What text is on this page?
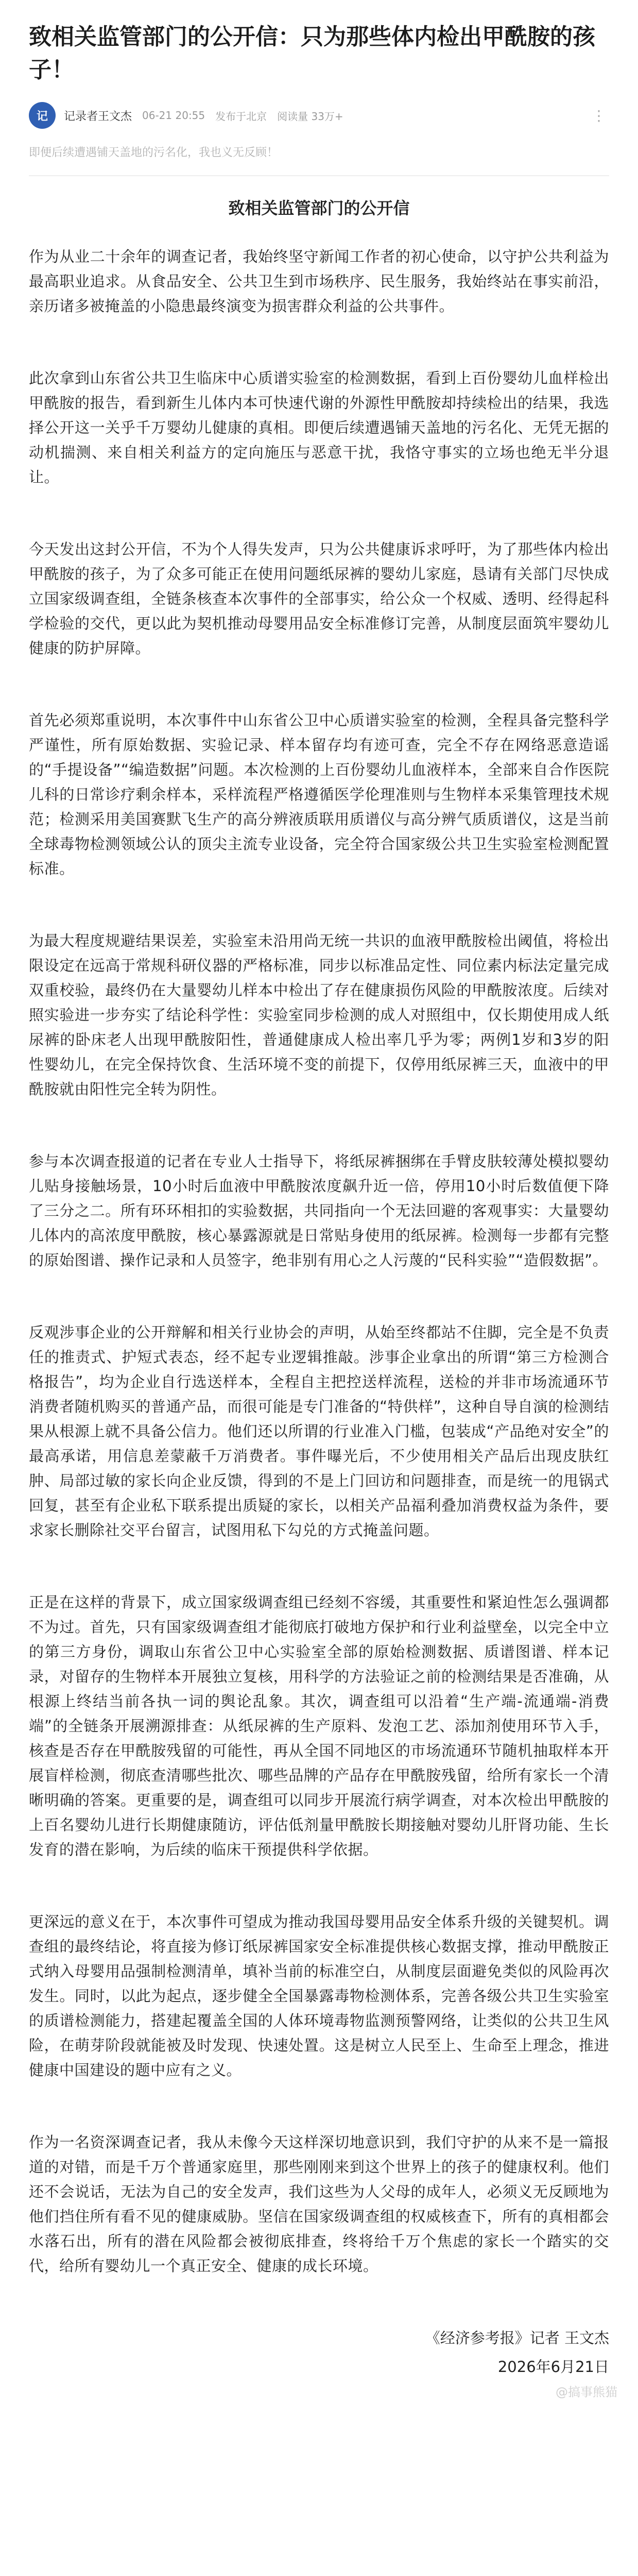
致相关监管部门的公开信：只为那些体内检出甲酰胺的孩子！
记	记录者王文杰 06-21 20:55 发布于北京 阅读量 33万+	⋮

即便后续遭遇铺天盖地的污名化，我也义无反顾！

致相关监管部门的公开信

作为从业二十余年的调查记者，我始终坚守新闻工作者的初心使命，以守护公共利益为最高职业追求。从食品安全、公共卫生到市场秩序、民生服务，我始终站在事实前沿，亲历诸多被掩盖的小隐患最终演变为损害群众利益的公共事件。

此次拿到山东省公共卫生临床中心质谱实验室的检测数据，看到上百份婴幼儿血样检出甲酰胺的报告，看到新生儿体内本可快速代谢的外源性甲酰胺却持续检出的结果，我选择公开这一关乎千万婴幼儿健康的真相。即便后续遭遇铺天盖地的污名化、无凭无据的动机揣测、来自相关利益方的定向施压与恶意干扰，我恪守事实的立场也绝无半分退让。

今天发出这封公开信，不为个人得失发声，只为公共健康诉求呼吁，为了那些体内检出甲酰胺的孩子，为了众多可能正在使用问题纸尿裤的婴幼儿家庭，恳请有关部门尽快成立国家级调查组，全链条核查本次事件的全部事实，给公众一个权威、透明、经得起科学检验的交代，更以此为契机推动母婴用品安全标准修订完善，从制度层面筑牢婴幼儿健康的防护屏障。

首先必须郑重说明，本次事件中山东省公卫中心质谱实验室的检测，全程具备完整科学严谨性，所有原始数据、实验记录、样本留存均有迹可查，完全不存在网络恶意造谣的“手提设备”“编造数据”问题。本次检测的上百份婴幼儿血液样本，全部来自合作医院儿科的日常诊疗剩余样本，采样流程严格遵循医学伦理准则与生物样本采集管理技术规范；检测采用美国赛默飞生产的高分辨液质联用质谱仪与高分辨气质质谱仪，这是当前全球毒物检测领域公认的顶尖主流专业设备，完全符合国家级公共卫生实验室检测配置标准。

为最大程度规避结果误差，实验室未沿用尚无统一共识的血液甲酰胺检出阈值，将检出限设定在远高于常规科研仪器的严格标准，同步以标准品定性、同位素内标法定量完成双重校验，最终仍在大量婴幼儿样本中检出了存在健康损伤风险的甲酰胺浓度。后续对照实验进一步夯实了结论科学性：实验室同步检测的成人对照组中，仅长期使用成人纸尿裤的卧床老人出现甲酰胺阳性，普通健康成人检出率几乎为零；两例1岁和3岁的阳性婴幼儿，在完全保持饮食、生活环境不变的前提下，仅停用纸尿裤三天，血液中的甲酰胺就由阳性完全转为阴性。

参与本次调查报道的记者在专业人士指导下，将纸尿裤捆绑在手臂皮肤较薄处模拟婴幼儿贴身接触场景，10小时后血液中甲酰胺浓度飙升近一倍，停用10小时后数值便下降了三分之二。所有环环相扣的实验数据，共同指向一个无法回避的客观事实：大量婴幼儿体内的高浓度甲酰胺，核心暴露源就是日常贴身使用的纸尿裤。检测每一步都有完整的原始图谱、操作记录和人员签字，绝非别有用心之人污蔑的“民科实验”“造假数据”。

反观涉事企业的公开辩解和相关行业协会的声明，从始至终都站不住脚，完全是不负责任的推责式、护短式表态，经不起专业逻辑推敲。涉事企业拿出的所谓“第三方检测合格报告”，均为企业自行选送样本，全程自主把控送样流程，送检的并非市场流通环节消费者随机购买的普通产品，而很可能是专门准备的“特供样”，这种自导自演的检测结果从根源上就不具备公信力。他们还以所谓的行业准入门槛，包装成“产品绝对安全”的最高承诺，用信息差蒙蔽千万消费者。事件曝光后，不少使用相关产品后出现皮肤红肿、局部过敏的家长向企业反馈，得到的不是上门回访和问题排查，而是统一的甩锅式回复，甚至有企业私下联系提出质疑的家长，以相关产品福利叠加消费权益为条件，要求家长删除社交平台留言，试图用私下勾兑的方式掩盖问题。

正是在这样的背景下，成立国家级调查组已经刻不容缓，其重要性和紧迫性怎么强调都不为过。首先，只有国家级调查组才能彻底打破地方保护和行业利益壁垒，以完全中立的第三方身份，调取山东省公卫中心实验室全部的原始检测数据、质谱图谱、样本记录，对留存的生物样本开展独立复核，用科学的方法验证之前的检测结果是否准确，从根源上终结当前各执一词的舆论乱象。其次，调查组可以沿着“生产端-流通端-消费端”的全链条开展溯源排查：从纸尿裤的生产原料、发泡工艺、添加剂使用环节入手，核查是否存在甲酰胺残留的可能性，再从全国不同地区的市场流通环节随机抽取样本开展盲样检测，彻底查清哪些批次、哪些品牌的产品存在甲酰胺残留，给所有家长一个清晰明确的答案。更重要的是，调查组可以同步开展流行病学调查，对本次检出甲酰胺的上百名婴幼儿进行长期健康随访，评估低剂量甲酰胺长期接触对婴幼儿肝肾功能、生长发育的潜在影响，为后续的临床干预提供科学依据。

更深远的意义在于，本次事件可望成为推动我国母婴用品安全体系升级的关键契机。调查组的最终结论，将直接为修订纸尿裤国家安全标准提供核心数据支撑，推动甲酰胺正式纳入母婴用品强制检测清单，填补当前的标准空白，从制度层面避免类似的风险再次发生。同时，以此为起点，逐步健全全国暴露毒物检测体系，完善各级公共卫生实验室的质谱检测能力，搭建起覆盖全国的人体环境毒物监测预警网络，让类似的公共卫生风险，在萌芽阶段就能被及时发现、快速处置。这是树立人民至上、生命至上理念，推进健康中国建设的题中应有之义。

作为一名资深调查记者，我从未像今天这样深切地意识到，我们守护的从来不是一篇报道的对错，而是千万个普通家庭里，那些刚刚来到这个世界上的孩子的健康权利。他们还不会说话，无法为自己的安全发声，我们这些为人父母的成年人，必须义无反顾地为他们挡住所有看不见的健康威胁。坚信在国家级调查组的权威核查下，所有的真相都会水落石出，所有的潜在风险都会被彻底排查，终将给千万个焦虑的家长一个踏实的交代，给所有婴幼儿一个真正安全、健康的成长环境。

《经济参考报》记者 王文杰

2026年6月21日

@搞事熊猫
